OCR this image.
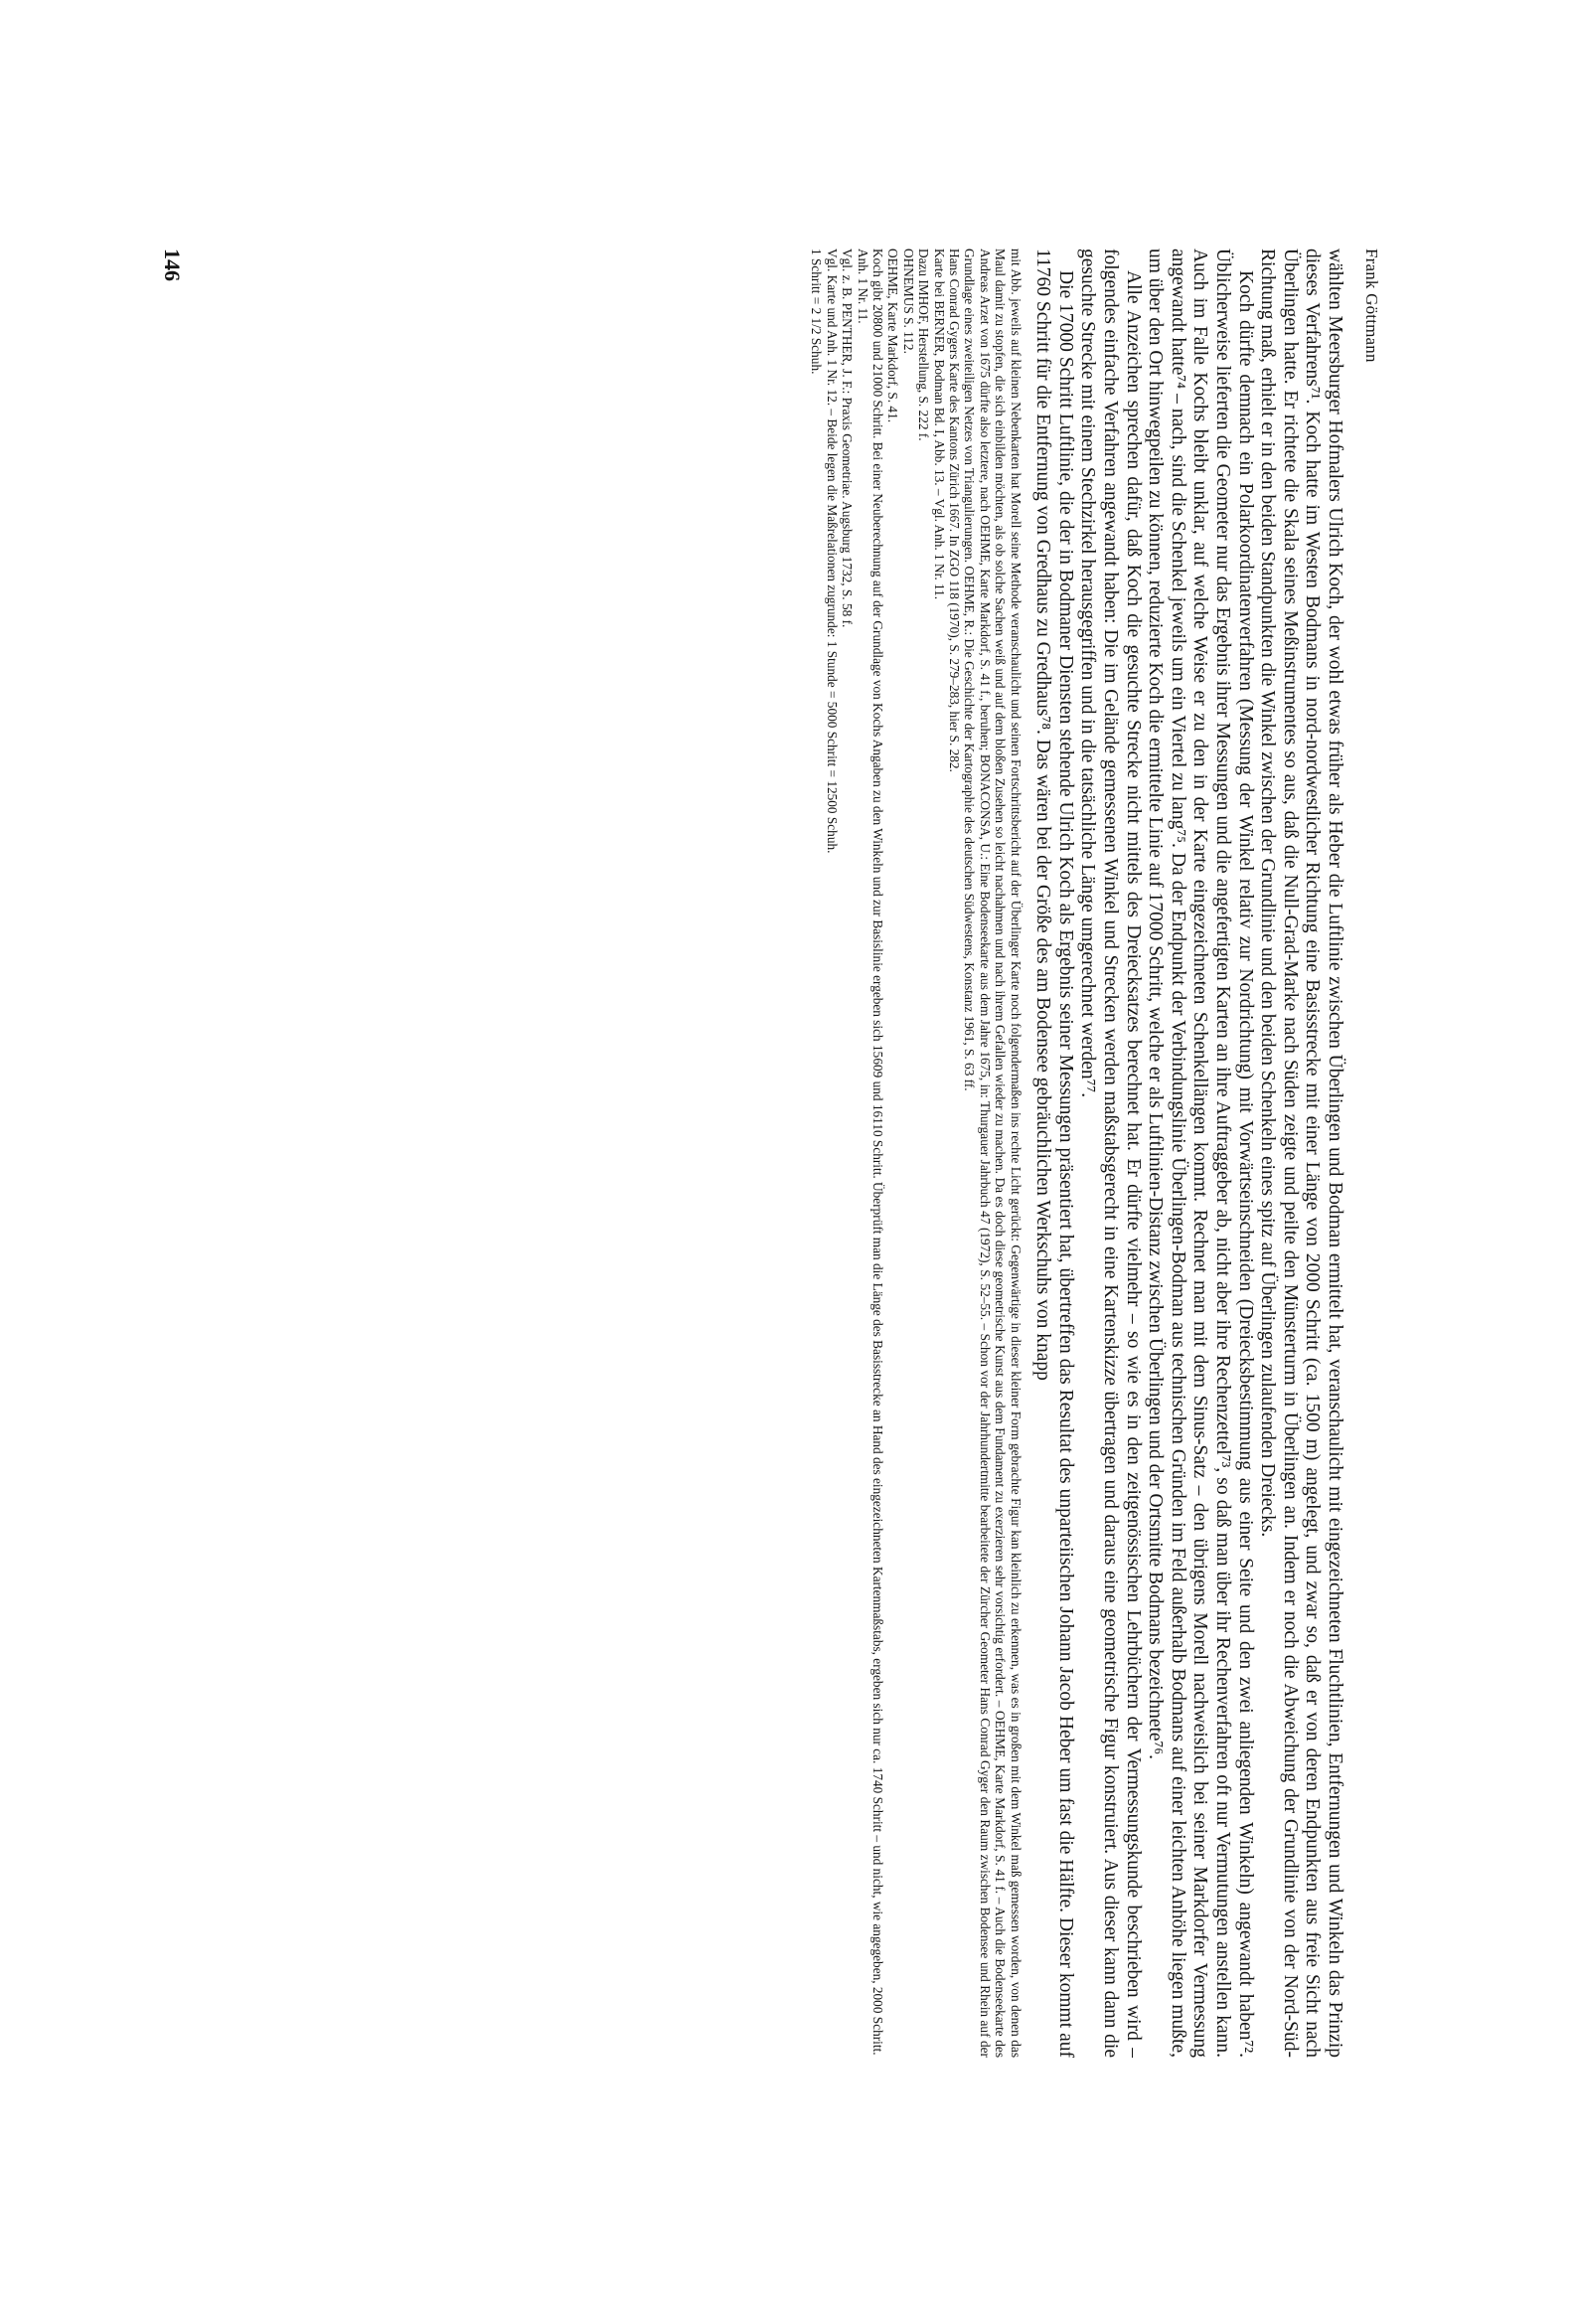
Frank Göttmann

wählten Meersburger Hofmalers Ulrich Koch, der wohl etwas früher als Heber die Luftlinie zwischen Überlingen und Bodman ermittelt hat, veranschaulicht mit eingezeichneten Fluchtlinien, Entfernungen und Winkeln das Prinzip dieses Verfahrens⁷¹. Koch hatte im Westen Bodmans in nord-nordwestlicher Richtung eine Basisstrecke mit einer Länge von 2000 Schritt (ca. 1500 m) angelegt, und zwar so, daß er von deren Endpunkten aus freie Sicht nach Überlingen hatte. Er richtete die Skala seines Meßinstrumentes so aus, daß die Null-Grad-Marke nach Süden zeigte und peilte den Münsterturm in Überlingen an. Indem er noch die Abweichung der Grundlinie von der Nord-Süd-Richtung maß, erhielt er in den beiden Standpunkten die Winkel zwischen der Grundlinie und den beiden Schenkeln eines spitz auf Überlingen zulaufenden Dreiecks.

Koch dürfte demnach ein Polarkoordinatenverfahren (Messung der Winkel relativ zur Nordrichtung) mit Vorwärtseinschneiden (Dreiecksbestimmung aus einer Seite und den zwei anliegenden Winkeln) angewandt haben⁷². Üblicherweise lieferten die Geometer nur das Ergebnis ihrer Messungen und die angefertigten Karten an ihre Auftraggeber ab, nicht aber ihre Rechenzettel⁷³, so daß man über ihr Rechenverfahren oft nur Vermutungen anstellen kann. Auch im Falle Kochs bleibt unklar, auf welche Weise er zu den in der Karte eingezeichneten Schenkellängen kommt. Rechnet man mit dem Sinus-Satz – den übrigens Morell nachweislich bei seiner Markdorfer Vermessung angewandt hatte⁷⁴ – nach, sind die Schenkel jeweils um ein Viertel zu lang⁷⁵. Da der Endpunkt der Verbindungslinie Überlingen-Bodman aus technischen Gründen im Feld außerhalb Bodmans auf einer leichten Anhöhe liegen mußte, um über den Ort hinwegpeilen zu können, reduzierte Koch die ermittelte Linie auf 17000 Schritt, welche er als Luftlinien-Distanz zwischen Überlingen und der Ortsmitte Bodmans bezeichnete⁷⁶.

Alle Anzeichen sprechen dafür, daß Koch die gesuchte Strecke nicht mittels des Dreiecksatzes berechnet hat. Er dürfte vielmehr – so wie es in den zeitgenössischen Lehrbüchern der Vermessungskunde beschrieben wird – folgendes einfache Verfahren angewandt haben: Die im Gelände gemessenen Winkel und Strecken werden maßstabsgerecht in eine Kartenskizze übertragen und daraus eine geometrische Figur konstruiert. Aus dieser kann dann die gesuchte Strecke mit einem Stechzirkel herausgegriffen und in die tatsächliche Länge umgerechnet werden⁷⁷.

Die 17000 Schritt Luftlinie, die der in Bodmaner Diensten stehende Ulrich Koch als Ergebnis seiner Messungen präsentiert hat, übertreffen das Resultat des unparteiischen Johann Jacob Heber um fast die Hälfte. Dieser kommt auf 11760 Schritt für die Entfernung von Gredhaus zu Gredhaus⁷⁸. Das wären bei der Größe des am Bodensee gebräuchlichen Werkschuhs von knapp

mit Abb. jeweils auf kleinen Nebenkarten hat Morell seine Methode veranschaulicht und seinen Fortschrittsbericht auf der Überlinger Karte noch folgendermaßen ins rechte Licht gerückt: Gegenwärtige in dieser kleiner Form gebrachte Figur kan kleinlich zu erkennen, was es in großen mit dem Winkel maß gemessen worden, von denen das Maul damit zu stopfen, die sich einbilden möchten, als ob solche Sachen weiß und auf dem bloßen Zusehen so leicht nachahmen und nach ihrem Gefallen wieder zu machen. Da es doch diese geometrische Kunst aus dem Fundament zu exerzieren sehr vorsichtig erfordert. – OEHME, Karte Markdorf, S. 41 f. – Auch die Bodenseekarte des Andreas Arzet von 1675 dürfte also letztere, nach OEHME, Karte Markdorf, S. 41 f., beruhen; BONACONSA, U.: Eine Bodenseekarte aus dem Jahre 1675, in: Thurgauer Jahrbuch 47 (1972), S. 52–55. – Schon vor der Jahrhundertmitte bearbeitete der Zürcher Geometer Hans Conrad Gyger den Raum zwischen Bodensee und Rhein auf der Grundlage eines zweiteiligen Netzes von Triangulierungen. OEHME, R.: Die Geschichte der Kartographie des deutschen Südwestens, Konstanz 1961, S. 63 ff.

Hans Conrad Gygers Karte des Kantons Zürich 1667. In ZGO 118 (1970), S. 279–283, hier S. 282.

Karte bei BERNER, Bodman Bd. I, Abb. 13. – Vgl. Anh. 1 Nr. 11.

Dazu IMHOF, Herstellung, S. 222 f.

OHNEMUS S. 112.

OEHME, Karte Markdorf, S. 41.

Koch gibt 20800 und 21000 Schritt. Bei einer Neuberechnung auf der Grundlage von Kochs Angaben zu den Winkeln und zur Basislinie ergeben sich 15609 und 16110 Schritt. Überprüft man die Länge des Basisstrecke an Hand des eingezeichneten Kartenmaßstabs, ergeben sich nur ca. 1740 Schritt – und nicht, wie angegeben, 2000 Schritt.

Anh. 1 Nr. 11.

Vgl. z. B. PENTHER, J. F.: Praxis Geometriae. Augsburg 1732, S. 58 f.

Vgl. Karte und Anh. 1 Nr. 12. – Beide legen die Maßrelationen zugrunde: 1 Stunde = 5000 Schritt = 12500 Schuh.

1 Schritt = 2 1/2 Schuh.

146
